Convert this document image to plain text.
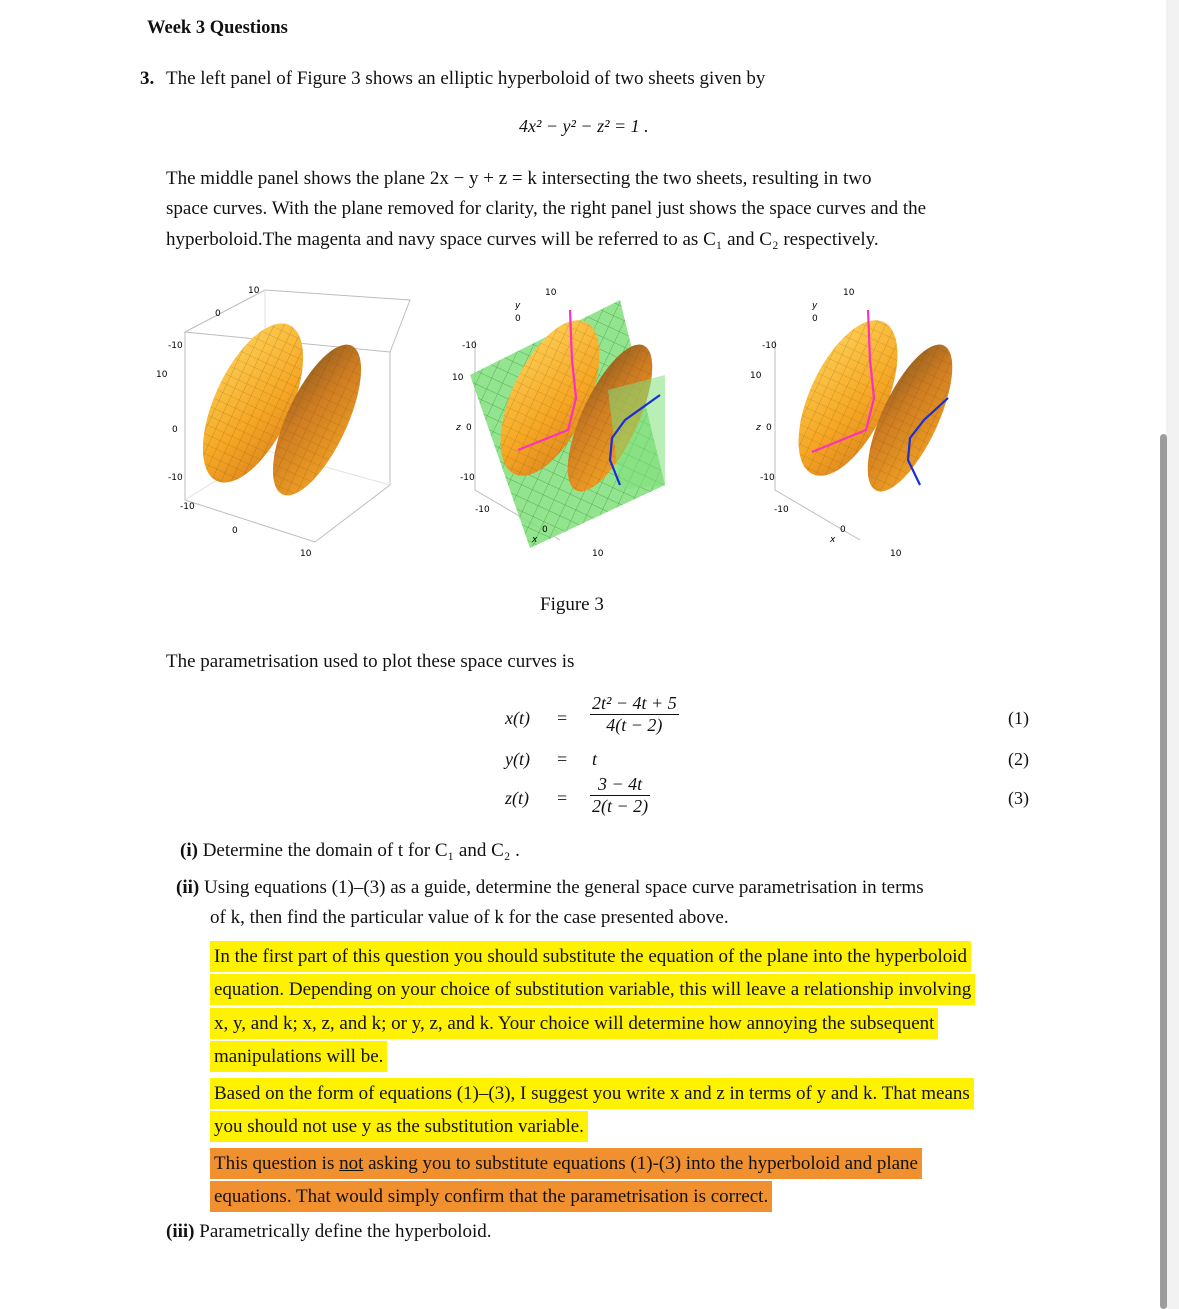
Week 3 Questions
3. The left panel of Figure 3 shows an elliptic hyperboloid of two sheets given by
4x² − y² − z² = 1 .
The middle panel shows the plane 2x − y + z = k intersecting the two sheets, resulting in two
space curves. With the plane removed for clarity, the right panel just shows the space curves and the
hyperboloid.The magenta and navy space curves will be referred to as C₁ and C₂ respectively.
10
0
-10
10
0
-10
-10
0
10
y
0
10
-10
10
z 0
-10
-10
x
0
10
y
0
10
-10
10
z 0
-10
-10
x
0
10
Figure 3
The parametrisation used to plot these space curves is
$x(t) = \frac{\text{2t² − 4t + 5}}{4(t - 2)}$	(1)
y(t) = t	(2)
$z(t) = \frac{3 - 4t}{2(t - 2)}$	(3)
(i) Determine the domain of t for C₁ and C₂ .
(ii) Using equations (1)–(3) as a guide, determine the general space curve parametrisation in terms
of k, then find the particular value of k for the case presented above.
In the first part of this question you should substitute the equation of the plane into the hyperboloid
equation. Depending on your choice of substitution variable, this will leave a relationship involving
x, y, and k; x, z, and k; or y, z, and k. Your choice will determine how annoying the subsequent
manipulations will be.
Based on the form of equations (1)–(3), I suggest you write x and z in terms of y and k. That means
you should not use y as the substitution variable.
This question is not asking you to substitute equations (1)-(3) into the hyperboloid and plane
equations. That would simply confirm that the parametrisation is correct.
(iii) Parametrically define the hyperboloid.
